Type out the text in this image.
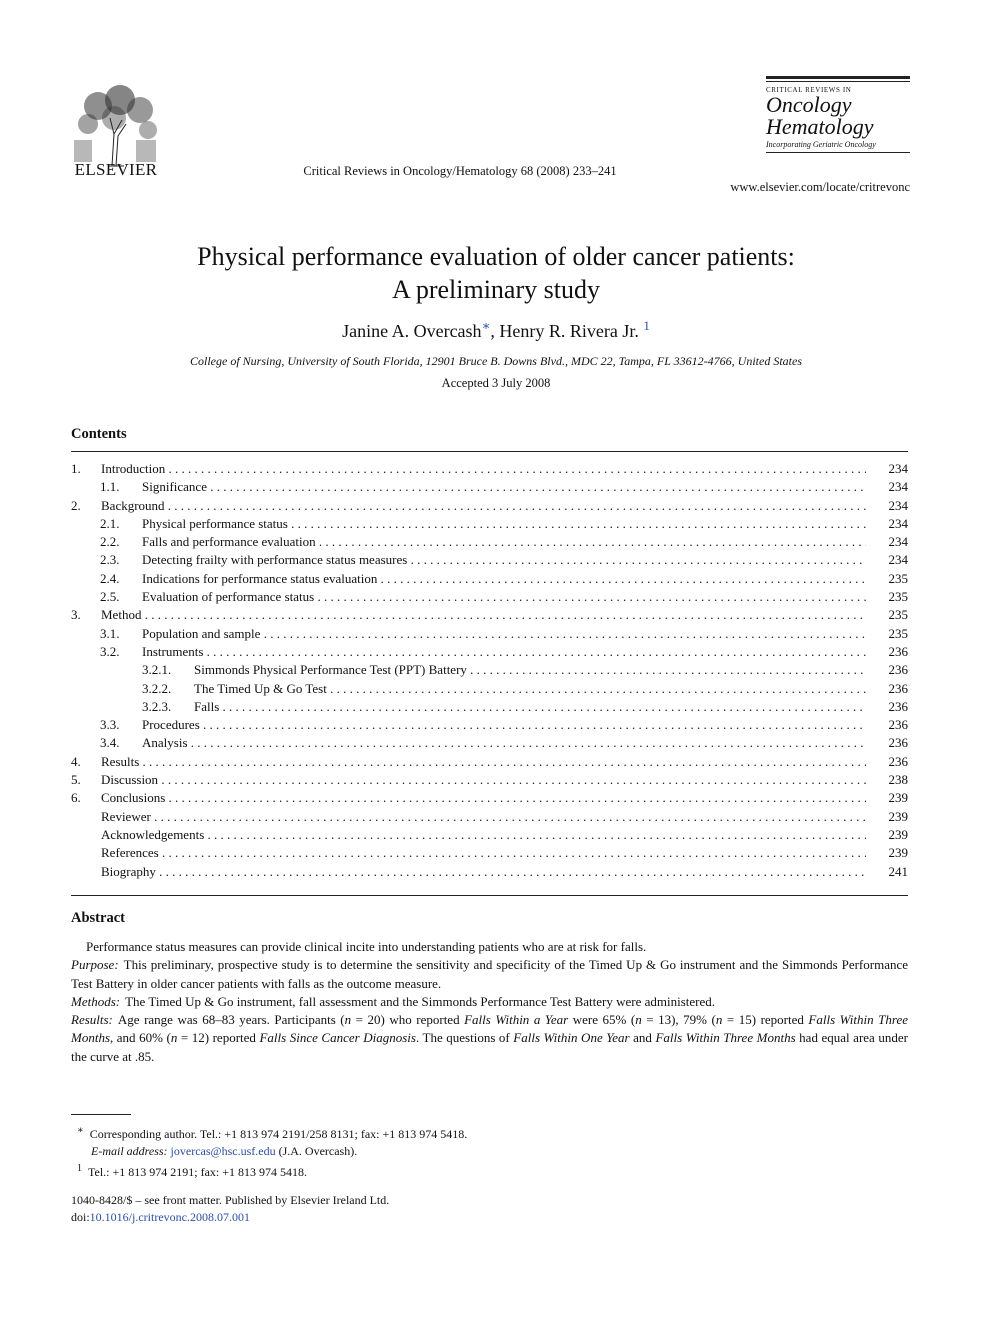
ELSEVIER	Critical Reviews in Oncology/Hematology 68 (2008) 233–241
CRITICAL REVIEWS IN
Oncology
Hematology
Incorporating Geriatric Oncology
www.elsevier.com/locate/critrevonc
Physical performance evaluation of older cancer patients:
A preliminary study
Janine A. Overcash∗, Henry R. Rivera Jr. $^1$
College of Nursing, University of South Florida, 12901 Bruce B. Downs Blvd., MDC 22, Tampa, FL 33612-4766, United States
Accepted 3 July 2008
Contents
1. Introduction . . .	234
1.1. Significance . . .	234
2. Background . . .	234
2.1. Physical performance status . . .	234
2.2. Falls and performance evaluation . . .	234
2.3. Detecting frailty with performance status measures . . .	234
2.4. Indications for performance status evaluation . . .	235
2.5. Evaluation of performance status . . .	235
3. Method . . .	235
3.1. Population and sample . . .	235
3.2. Instruments . . .	236
3.2.1. Simmonds Physical Performance Test (PPT) Battery . . .	236
3.2.2. The Timed Up & Go Test . . .	236
3.2.3. Falls . . .	236
3.3. Procedures . . .	236
3.4. Analysis . . .	236
4. Results . . .	236
5. Discussion . . .	238
6. Conclusions . . .	239
Reviewer . . .	239
Acknowledgements . . .	239
References . . .	239
Biography . . .	241
Abstract

Performance status measures can provide clinical incite into understanding patients who are at risk for falls.

Purpose: This preliminary, prospective study is to determine the sensitivity and specificity of the Timed Up & Go instrument and the Simmonds Performance Test Battery in older cancer patients with falls as the outcome measure.

Methods: The Timed Up & Go instrument, fall assessment and the Simmonds Performance Test Battery were administered.

Results: Age range was 68–83 years. Participants (n = 20) who reported Falls Within a Year were 65% (n = 13), 79% (n = 15) reported Falls Within Three Months, and 60% (n = 12) reported Falls Since Cancer Diagnosis. The questions of Falls Within One Year and Falls Within Three Months had equal area under the curve at .85.

∗ Corresponding author. Tel.: +1 813 974 2191/258 8131; fax: +1 813 974 5418.

E-mail address: jovercas@hsc.usf.edu (J.A. Overcash).

$^1$ Tel.: +1 813 974 2191; fax: +1 813 974 5418.

1040-8428/$ – see front matter. Published by Elsevier Ireland Ltd.
doi:10.1016/j.critrevonc.2008.07.001
